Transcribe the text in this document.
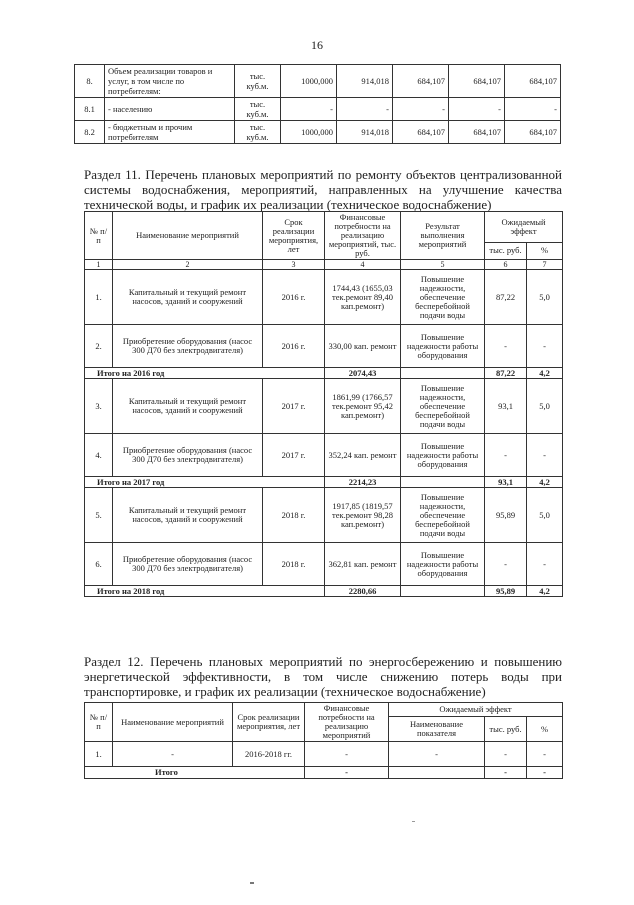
16
8.	Объем реализации товаров и услуг, в том числе по потребителям:	тыс. куб.м.	1000,000	914,018	684,107	684,107	684,107
8.1	- населению	тыс. куб.м.	-	-	-	-	-
8.2	- бюджетным и прочим потребителям	тыс. куб.м.	1000,000	914,018	684,107	684,107	684,107
Раздел 11. Перечень плановых мероприятий по ремонту объектов централизованной системы водоснабжения, мероприятий, направленных на улучшение качества технической воды, и график их реализации (техническое водоснабжение)
№ п/п	Наименование мероприятий	Срок реализации мероприятия, лет	Финансовые потребности на реализацию мероприятий, тыс. руб.	Результат выполнения мероприятий	Ожидаемый эффект	
					тыс. руб.	%
1	2	3	4	5	6	7
1.	Капитальный и текущий ремонт насосов, зданий и сооружений	2016 г.	1744,43 (1655,03 тек.ремонт 89,40 кап.ремонт)	Повышение надежности, обеспечение бесперебойной подачи воды	87,22	5,0
2.	Приобретение оборудования (насос 300 Д70 без электродвигателя)	2016 г.	330,00 кап. ремонт	Повышение надежности работы оборудования	-	-
Итого на 2016 год			2074,43		87,22	4,2
3.	Капитальный и текущий ремонт насосов, зданий и сооружений	2017 г.	1861,99 (1766,57 тек.ремонт 95,42 кап.ремонт)	Повышение надежности, обеспечение бесперебойной подачи воды	93,1	5,0
4.	Приобретение оборудования (насос 300 Д70 без электродвигателя)	2017 г.	352,24 кап. ремонт	Повышение надежности работы оборудования	-	-
Итого на 2017 год			2214,23		93,1	4,2
5.	Капитальный и текущий ремонт насосов, зданий и сооружений	2018 г.	1917,85 (1819,57 тек.ремонт 98,28 кап.ремонт)	Повышение надежности, обеспечение бесперебойной подачи воды	95,89	5,0
6.	Приобретение оборудования (насос 300 Д70 без электродвигателя)	2018 г.	362,81 кап. ремонт	Повышение надежности работы оборудования	-	-
Итого на 2018 год			2280,66		95,89	4,2
Раздел 12. Перечень плановых мероприятий по энергосбережению и повышению энергетической эффективности, в том числе снижению потерь воды при транспортировке, и график их реализации (техническое водоснабжение)
№ п/п	Наименование мероприятий	Срок реализации мероприятия, лет	Финансовые потребности на реализацию мероприятий	Ожидаемый эффект		
				Наименование показателя	тыс. руб.	%
1.	-	2016-2018 гг.	-	-	-	-
Итого			-		-	-
